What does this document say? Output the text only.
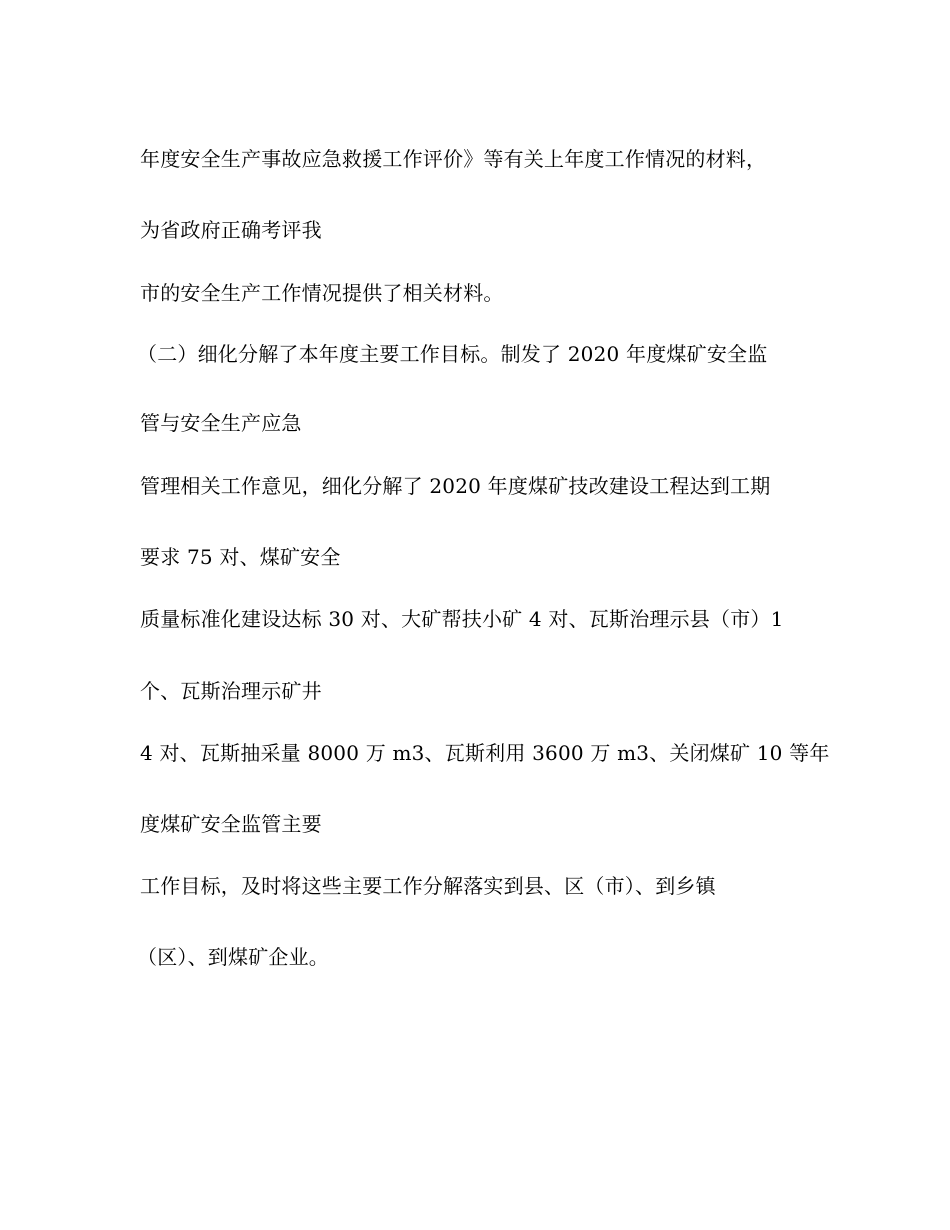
年度安全生产事故应急救援工作评价》等有关上年度工作情况的材料，
为省政府正确考评我
市的安全生产工作情况提供了相关材料。
（二）细化分解了本年度主要工作目标。制发了 2020 年度煤矿安全监
管与安全生产应急
管理相关工作意见，细化分解了 2020 年度煤矿技改建设工程达到工期
要求 75 对、煤矿安全
质量标准化建设达标 30 对、大矿帮扶小矿 4 对、瓦斯治理示县（市）1
个、瓦斯治理示矿井
4 对、瓦斯抽采量 8000 万 m3、瓦斯利用 3600 万 m3、关闭煤矿 10 等年
度煤矿安全监管主要
工作目标，及时将这些主要工作分解落实到县、区（市）、到乡镇
（区）、到煤矿企业。
